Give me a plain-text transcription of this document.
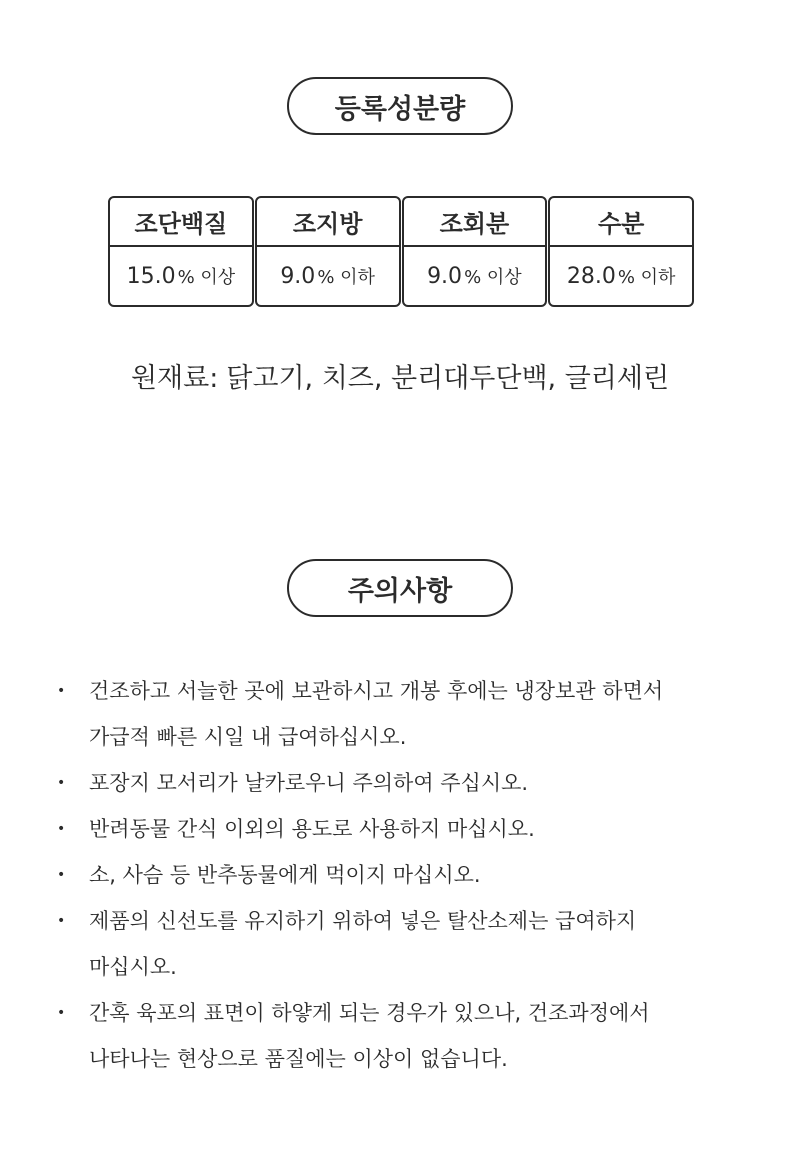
등록성분량
조단백질
15.0 % 이상
조지방
9.0 % 이하
조회분
9.0 % 이상
수분
28.0 % 이하
원재료: 닭고기, 치즈, 분리대두단백, 글리세린
주의사항
• 건조하고 서늘한 곳에 보관하시고 개봉 후에는 냉장보관 하면서
가급적 빠른 시일 내 급여하십시오.
• 포장지 모서리가 날카로우니 주의하여 주십시오.
• 반려동물 간식 이외의 용도로 사용하지 마십시오.
• 소, 사슴 등 반추동물에게 먹이지 마십시오.
• 제품의 신선도를 유지하기 위하여 넣은 탈산소제는 급여하지
마십시오.
• 간혹 육포의 표면이 하얗게 되는 경우가 있으나, 건조과정에서
나타나는 현상으로 품질에는 이상이 없습니다.
